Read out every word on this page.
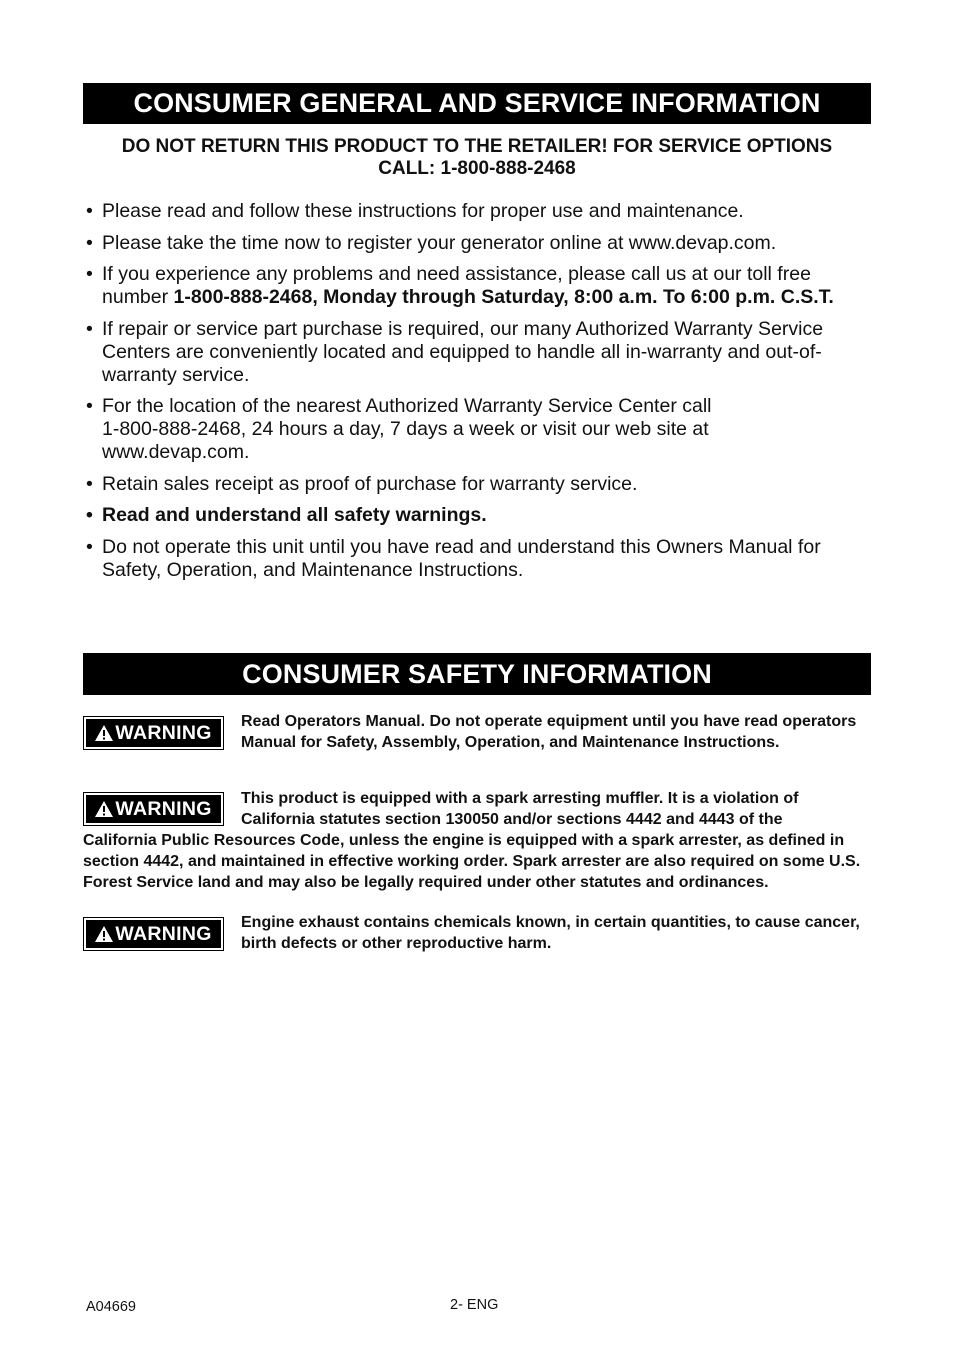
CONSUMER GENERAL AND SERVICE INFORMATION
DO NOT RETURN THIS PRODUCT TO THE RETAILER! FOR SERVICE OPTIONS
CALL: 1-800-888-2468
• Please read and follow these instructions for proper use and maintenance.
• Please take the time now to register your generator online at www.devap.com.
• If you experience any problems and need assistance, please call us at our toll free number 1-800-888-2468, Monday through Saturday, 8:00 a.m. To 6:00 p.m. C.S.T.
• If repair or service part purchase is required, our many Authorized Warranty Service Centers are conveniently located and equipped to handle all in-warranty and out-of-warranty service.
• For the location of the nearest Authorized Warranty Service Center call
1-800-888-2468, 24 hours a day, 7 days a week or visit our web site at
www.devap.com.
• Retain sales receipt as proof of purchase for warranty service.
• Read and understand all safety warnings.
• Do not operate this unit until you have read and understand this Owners Manual for Safety, Operation, and Maintenance Instructions.
CONSUMER SAFETY INFORMATION
WARNING
Read Operators Manual. Do not operate equipment until you have read operators Manual for Safety, Assembly, Operation, and Maintenance Instructions.
WARNING	This product is equipped with a spark arresting muffler. It is a violation of California statutes section 130050 and/or sections 4442 and 4443 of the
California Public Resources Code, unless the engine is equipped with a spark arrester, as defined in section 4442, and maintained in effective working order. Spark arrester are also required on some U.S. Forest Service land and may also be legally required under other statutes and ordinances.
WARNING
Engine exhaust contains chemicals known, in certain quantities, to cause cancer, birth defects or other reproductive harm.
A04669	2- ENG
